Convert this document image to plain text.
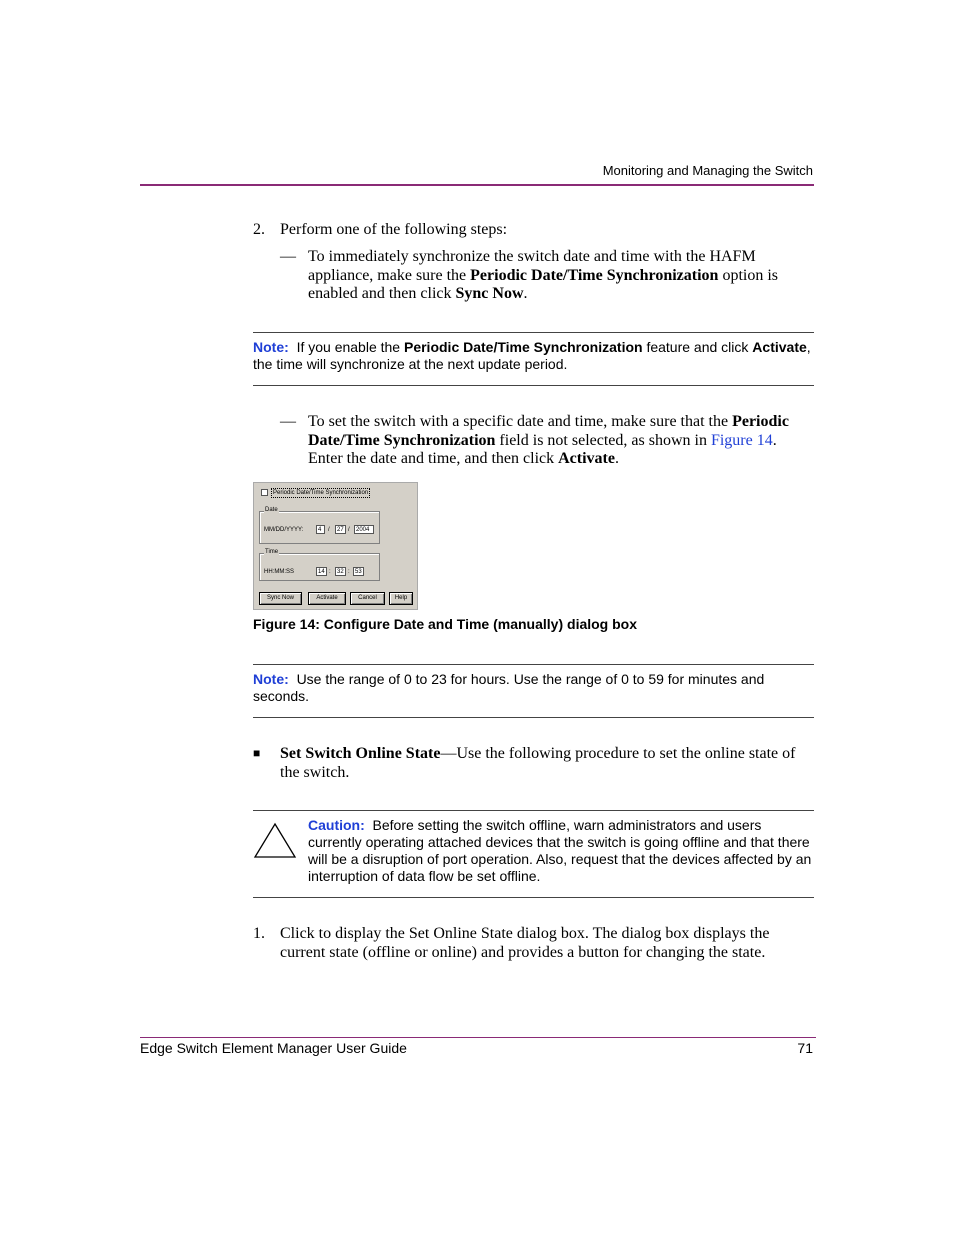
Monitoring and Managing the Switch
2. Perform one of the following steps:
— To immediately synchronize the switch date and time with the HAFM appliance, make sure the Periodic Date/Time Synchronization option is enabled and then click Sync Now.
Note: If you enable the Periodic Date/Time Synchronization feature and click Activate, the time will synchronize at the next update period.
— To set the switch with a specific date and time, make sure that the Periodic Date/Time Synchronization field is not selected, as shown in Figure 14. Enter the date and time, and then click Activate.
Periodic Date/Time Synchronization
Date
MM/DD/YYYY:	4	/	27 /	2004
Time
HH:MM:SS	14 :	32 : 53
Sync Now	Activate	Cancel	Help
Figure 14: Configure Date and Time (manually) dialog box
Note: Use the range of 0 to 23 for hours. Use the range of 0 to 59 for minutes and seconds.
■ Set Switch Online State—Use the following procedure to set the online state of the switch.
Caution: Before setting the switch offline, warn administrators and users currently operating attached devices that the switch is going offline and that there will be a disruption of port operation. Also, request that the devices affected by an interruption of data flow be set offline.
1. Click to display the Set Online State dialog box. The dialog box displays the current state (offline or online) and provides a button for changing the state.
Edge Switch Element Manager User Guide	71
